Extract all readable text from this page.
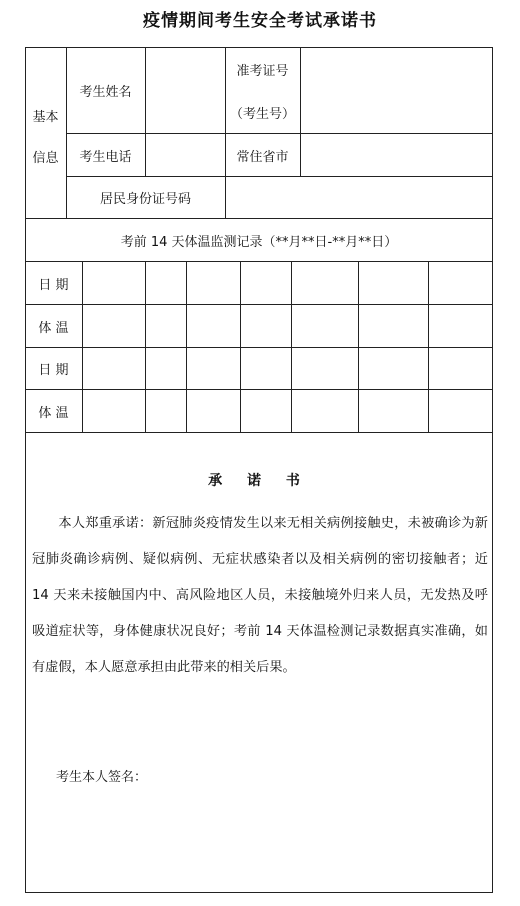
疫情期间考生安全考试承诺书
基本
信息
考生姓名
准考证号
（考生号）
考生电话	常住省市
居民身份证号码
考前 14 天体温监测记录（**月**日-**月**日）
日 期
体 温
日 期
体 温
承 诺 书
本人郑重承诺：新冠肺炎疫情发生以来无相关病例接触史，未被确诊为新冠肺炎确诊病例、疑似病例、无症状感染者以及相关病例的密切接触者；近 14 天来未接触国内中、高风险地区人员，未接触境外归来人员，无发热及呼吸道症状等，身体健康状况良好；考前 14 天体温检测记录数据真实准确，如有虚假，本人愿意承担由此带来的相关后果。
考生本人签名：
